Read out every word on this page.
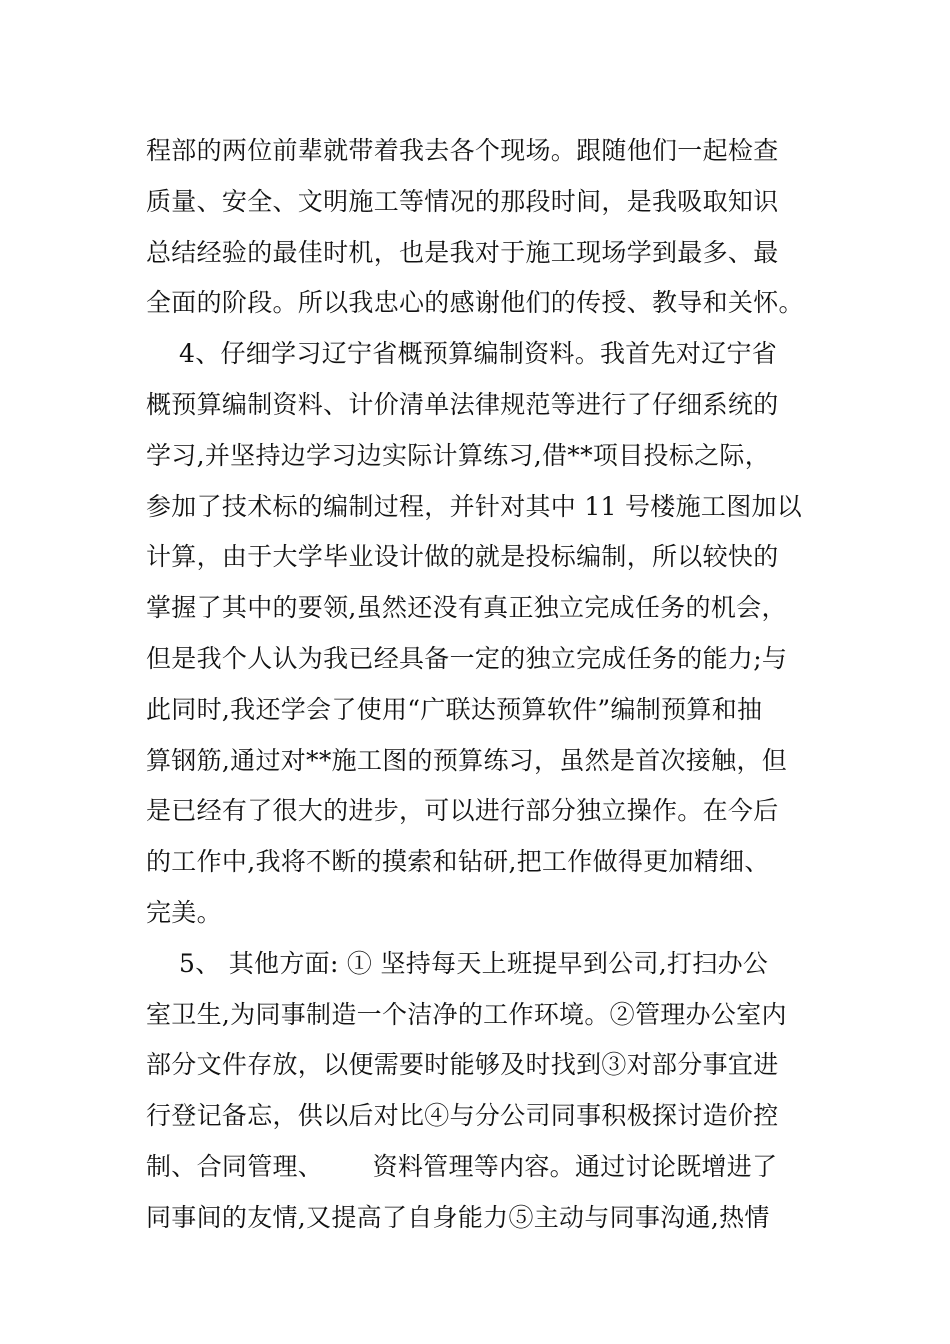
程部的两位前辈就带着我去各个现场。跟随他们一起检查
质量、安全、文明施工等情况的那段时间，是我吸取知识
总结经验的最佳时机，也是我对于施工现场学到最多、最
全面的阶段。所以我忠心的感谢他们的传授、教导和关怀。
4、仔细学习辽宁省概预算编制资料。我首先对辽宁省
概预算编制资料、计价清单法律规范等进行了仔细系统的
学习,并坚持边学习边实际计算练习,借**项目投标之际，
参加了技术标的编制过程，并针对其中 11 号楼施工图加以
计算，由于大学毕业设计做的就是投标编制，所以较快的
掌握了其中的要领,虽然还没有真正独立完成任务的机会，
但是我个人认为我已经具备一定的独立完成任务的能力;与
此同时,我还学会了使用“广联达预算软件”编制预算和抽
算钢筋,通过对**施工图的预算练习，虽然是首次接触，但
是已经有了很大的进步，可以进行部分独立操作。在今后
的工作中,我将不断的摸索和钻研,把工作做得更加精细、
完美。
5、 其他方面: ① 坚持每天上班提早到公司,打扫办公
室卫生,为同事制造一个洁净的工作环境。②管理办公室内
部分文件存放，以便需要时能够及时找到③对部分事宜进
行登记备忘，供以后对比④与分公司同事积极探讨造价控
制、合同管理、      资料管理等内容。通过讨论既增进了
同事间的友情,又提高了自身能力⑤主动与同事沟通,热情
